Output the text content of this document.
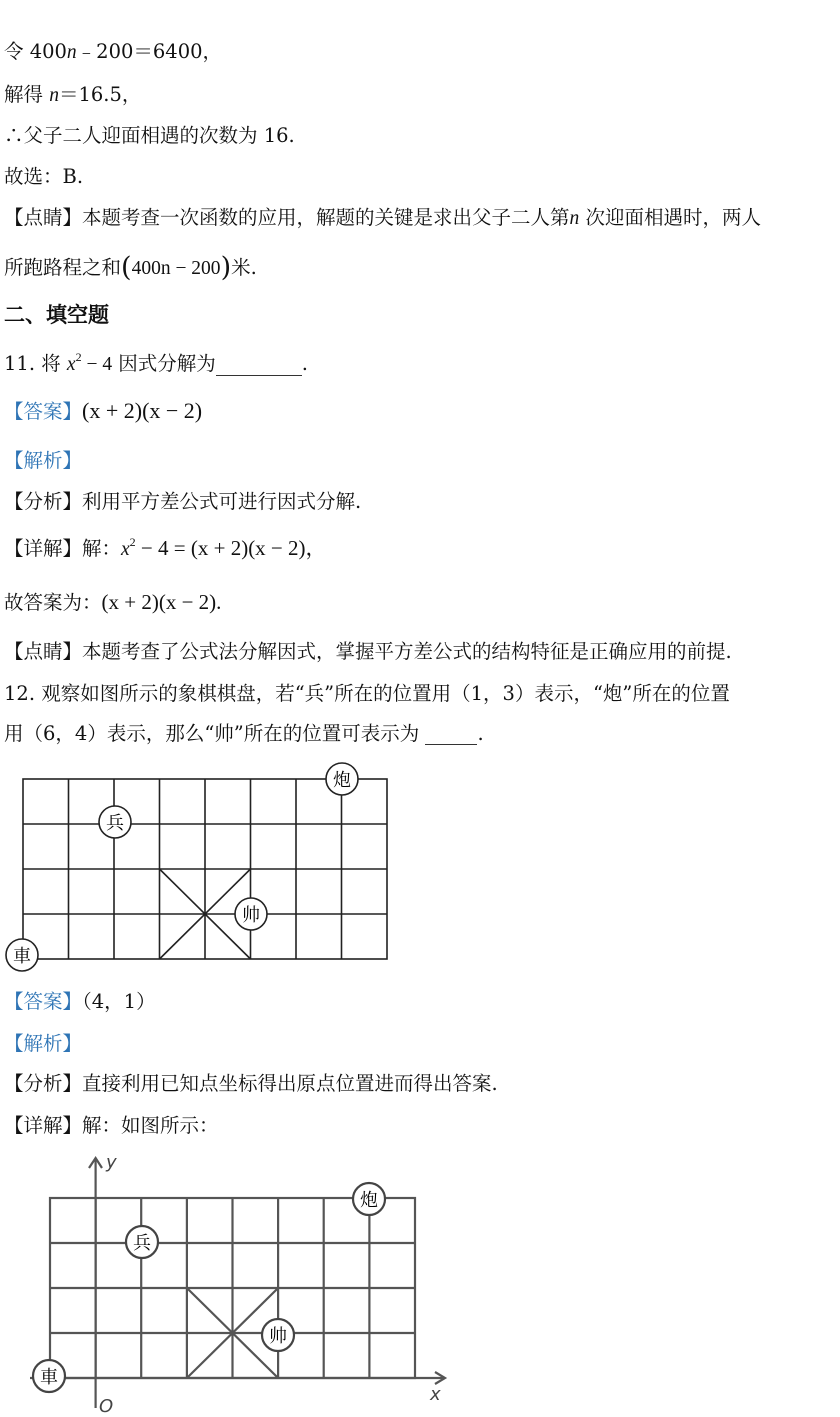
令 400n﹣200＝6400，
解得 n＝16.5，
∴父子二人迎面相遇的次数为 16.
故选：B.
【点睛】本题考查一次函数的应用，解题的关键是求出父子二人第n 次迎面相遇时，两人
所跑路程之和(400n − 200)米.
二、填空题
11. 将 $x^2 - 4$ 因式分解为	.
【答案】(x + 2)(x − 2)
【解析】
【分析】利用平方差公式可进行因式分解.
【详解】解：$x^2 - 4 = (x + 2)(x - 2)$，
故答案为：(x + 2)(x − 2).
【点睛】本题考查了公式法分解因式，掌握平方差公式的结构特征是正确应用的前提.
12. 观察如图所示的象棋棋盘，若“兵”所在的位置用（1，3）表示，“炮”所在的位置
用（6，4）表示，那么“帅”所在的位置可表示为	.
炮
兵
帅
車
【答案】（4，1）
【解析】
【分析】直接利用已知点坐标得出原点位置进而得出答案.
【详解】解：如图所示：
y
x
O
炮
兵
帅
車
